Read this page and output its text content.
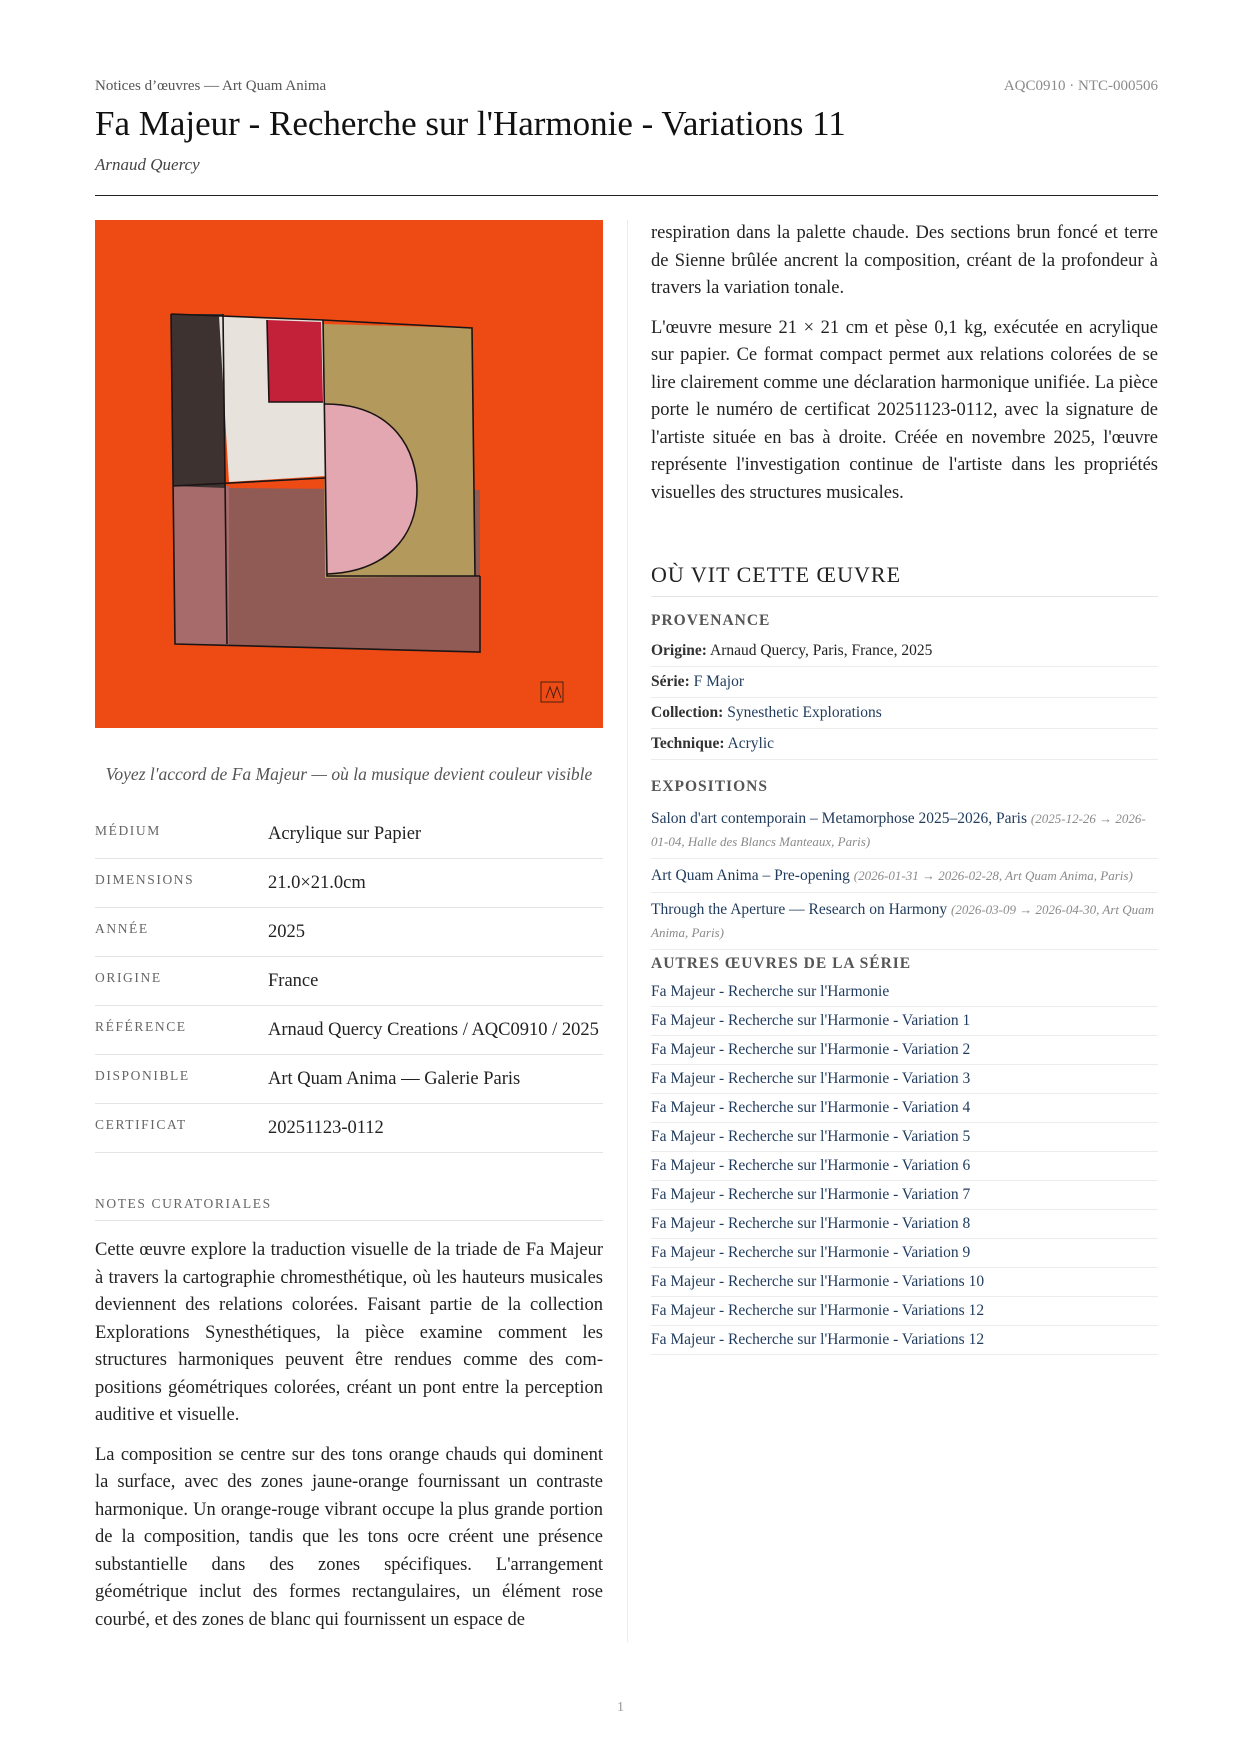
Notices d’œuvres — Art Quam Anima	AQC0910 · NTC-000506
Fa Majeur - Recherche sur l'Harmonie - Variations 11
Arnaud Quercy
Voyez l'accord de Fa Majeur — où la musique devient couleur visible
MÉDIUM	Acrylique sur Papier
DIMENSIONS	21.0×21.0cm
ANNÉE	2025
ORIGINE	France
RÉFÉRENCE	Arnaud Quercy Creations / AQC0910 / 2025
DISPONIBLE	Art Quam Anima — Galerie Paris
CERTIFICAT	20251123-0112
NOTES CURATORIALES

Cette œuvre explore la traduction visuelle de la triade de Fa Majeur à travers la cartographie chromesthétique, où les hauteurs musicales deviennent des relations colorées. Faisant partie de la collection Explorations Synesthétiques, la pièce examine comment les structures harmoniques peuvent être rendues comme des compositions géométriques colorées, créant un pont entre la perception auditive et visuelle.

La composition se centre sur des tons orange chauds qui dominent la surface, avec des zones jaune-orange fournissant un contraste harmonique. Un orange-rouge vibrant occupe la plus grande portion de la composition, tandis que les tons ocre créent une présence substantielle dans des zones spécifiques. L'arrangement géométrique inclut des formes rectangulaires, un élément rose courbé, et des zones de blanc qui fournissent un espace de

respiration dans la palette chaude. Des sections brun foncé et terre de Sienne brûlée ancrent la composition, créant de la profondeur à travers la variation tonale.

L'œuvre mesure 21 × 21 cm et pèse 0,1 kg, exécutée en acrylique sur papier. Ce format compact permet aux relations colorées de se lire clairement comme une déclaration harmonique unifiée. La pièce porte le numéro de certificat 20251123-0112, avec la signature de l'artiste située en bas à droite. Créée en novembre 2025, l'œuvre représente l'investigation continue de l'artiste dans les propriétés visuelles des structures musicales.

OÙ VIT CETTE ŒUVRE
PROVENANCE
Origine: Arnaud Quercy, Paris, France, 2025
Série: F Major
Collection: Synesthetic Explorations
Technique: Acrylic
EXPOSITIONS
Salon d'art contemporain – Metamorphose 2025–2026, Paris (2025-12-26 → 2026-01-04, Halle des Blancs Manteaux, Paris)
Art Quam Anima – Pre-opening (2026-01-31 → 2026-02-28, Art Quam Anima, Paris)
Through the Aperture — Research on Harmony (2026-03-09 → 2026-04-30, Art Quam Anima, Paris)
AUTRES ŒUVRES DE LA SÉRIE
Fa Majeur - Recherche sur l'Harmonie
Fa Majeur - Recherche sur l'Harmonie - Variation 1
Fa Majeur - Recherche sur l'Harmonie - Variation 2
Fa Majeur - Recherche sur l'Harmonie - Variation 3
Fa Majeur - Recherche sur l'Harmonie - Variation 4
Fa Majeur - Recherche sur l'Harmonie - Variation 5
Fa Majeur - Recherche sur l'Harmonie - Variation 6
Fa Majeur - Recherche sur l'Harmonie - Variation 7
Fa Majeur - Recherche sur l'Harmonie - Variation 8
Fa Majeur - Recherche sur l'Harmonie - Variation 9
Fa Majeur - Recherche sur l'Harmonie - Variations 10
Fa Majeur - Recherche sur l'Harmonie - Variations 12
Fa Majeur - Recherche sur l'Harmonie - Variations 12
1
